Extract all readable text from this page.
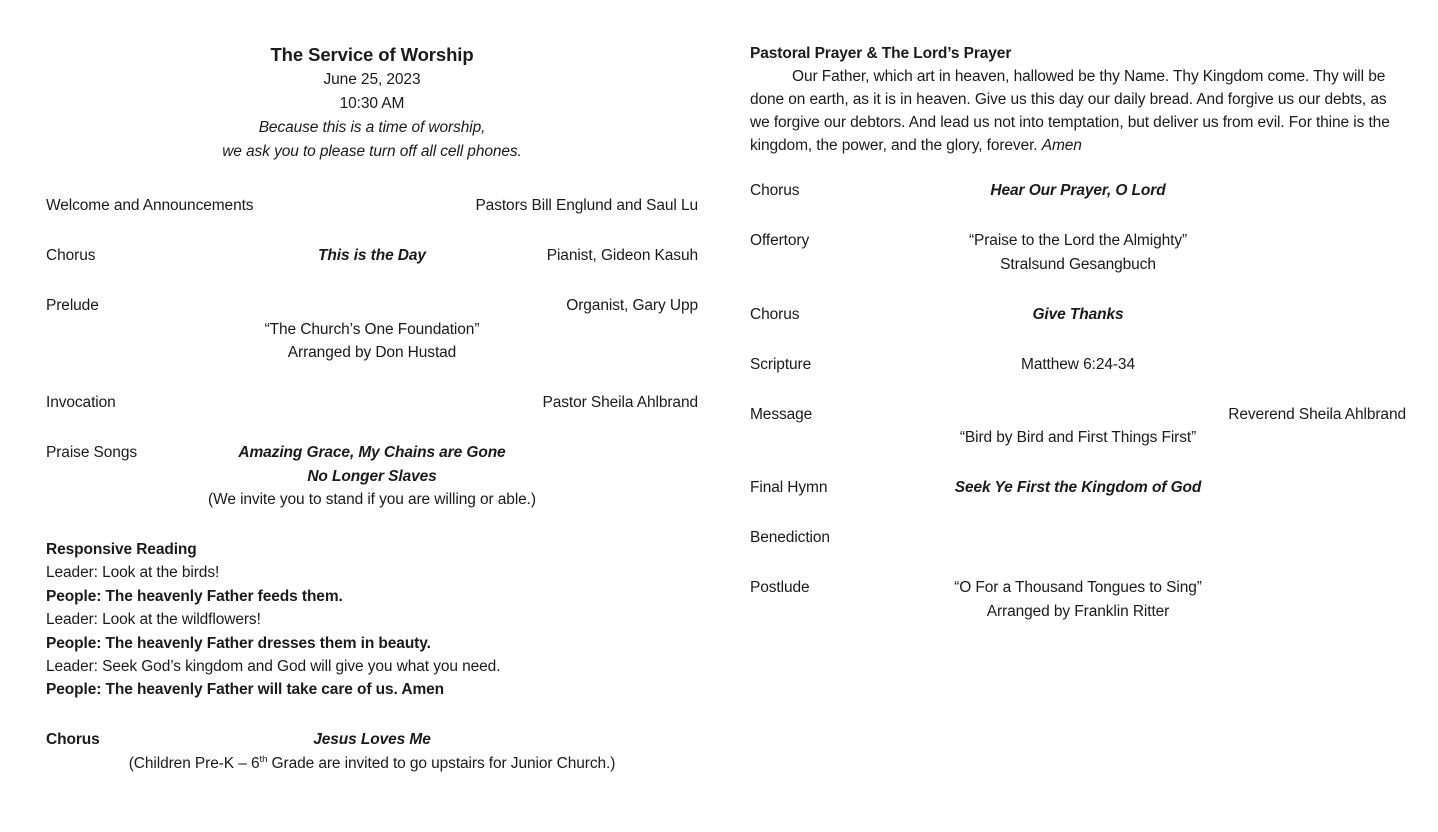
The Service of Worship
June 25, 2023
10:30 AM
Because this is a time of worship,
we ask you to please turn off all cell phones.
Welcome and Announcements	Pastors Bill Englund and Saul Lu
Chorus	This is the Day	Pianist, Gideon Kasuh
Prelude	Organist, Gary Upp
“The Church’s One Foundation”
Arranged by Don Hustad
Invocation	Pastor Sheila Ahlbrand
Praise Songs	Amazing Grace, My Chains are Gone
No Longer Slaves
(We invite you to stand if you are willing or able.)
Responsive Reading
Leader: Look at the birds!
People: The heavenly Father feeds them.
Leader: Look at the wildflowers!
People: The heavenly Father dresses them in beauty.
Leader: Seek God’s kingdom and God will give you what you need.
People: The heavenly Father will take care of us. Amen
Chorus	Jesus Loves Me
(Children Pre-K – 6th Grade are invited to go upstairs for Junior Church.)
Pastoral Prayer & The Lord’s Prayer

Our Father, which art in heaven, hallowed be thy Name. Thy Kingdom come. Thy will be done on earth, as it is in heaven. Give us this day our daily bread. And forgive us our debts, as we forgive our debtors. And lead us not into temptation, but deliver us from evil. For thine is the kingdom, the power, and the glory, forever. Amen

Chorus	Hear Our Prayer, O Lord
Offertory	“Praise to the Lord the Almighty”
Stralsund Gesangbuch
Chorus	Give Thanks
Scripture	Matthew 6:24-34
Message	Reverend Sheila Ahlbrand
“Bird by Bird and First Things First”
Final Hymn	Seek Ye First the Kingdom of God
Benediction
Postlude	“O For a Thousand Tongues to Sing”
Arranged by Franklin Ritter
